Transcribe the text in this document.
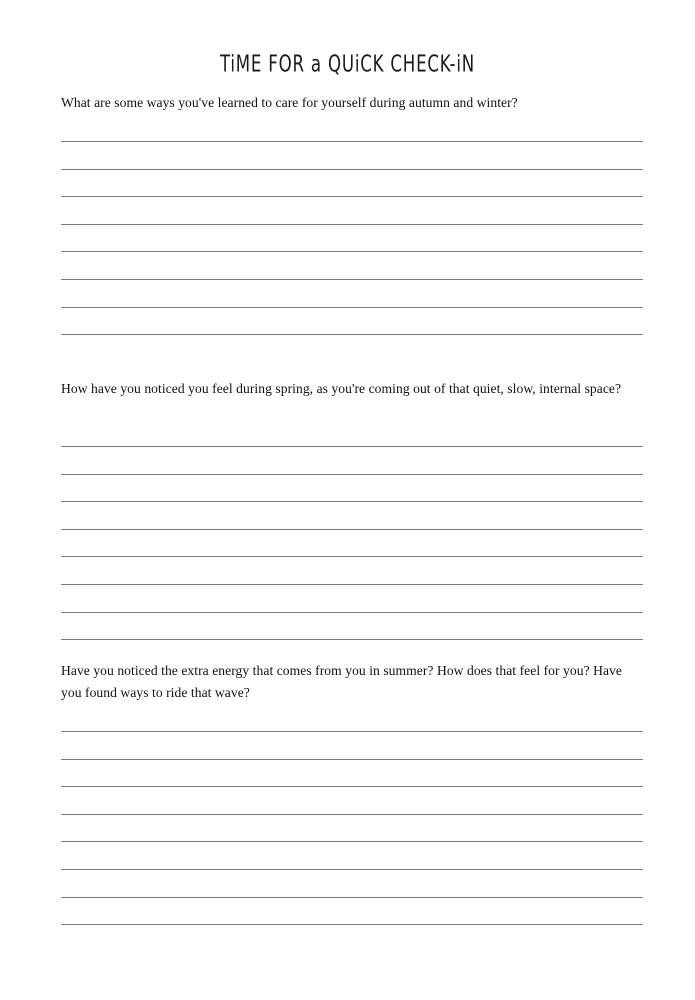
TiME FOR a QUiCK CHECK-iN

What are some ways you've learned to care for yourself during autumn and winter?

How have you noticed you feel during spring, as you're coming out of that quiet, slow, internal space?

Have you noticed the extra energy that comes from you in summer? How does that feel for you? Have you found ways to ride that wave?
